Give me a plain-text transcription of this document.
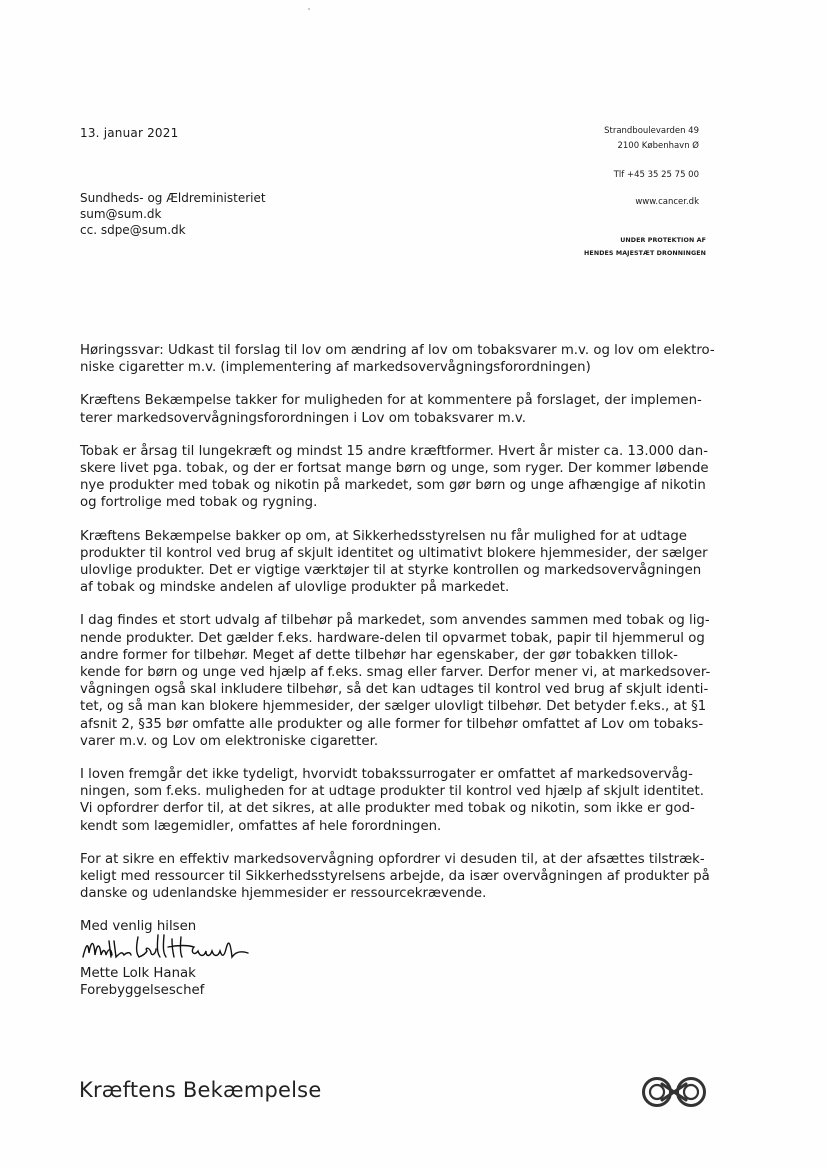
13. januar 2021
Sundheds- og Ældreministeriet
sum@sum.dk
cc. sdpe@sum.dk
Strandboulevarden 49
2100 København Ø
Tlf +45 35 25 75 00
www.cancer.dk
UNDER PROTEKTION AF
HENDES MAJESTÆT DRONNINGEN

Høringssvar: Udkast til forslag til lov om ændring af lov om tobaksvarer m.v. og lov om elektro-
niske cigaretter m.v. (implementering af markedsovervågningsforordningen)

Kræftens Bekæmpelse takker for muligheden for at kommentere på forslaget, der implemen-
terer markedsovervågningsforordningen i Lov om tobaksvarer m.v.

Tobak er årsag til lungekræft og mindst 15 andre kræftformer. Hvert år mister ca. 13.000 dan-
skere livet pga. tobak, og der er fortsat mange børn og unge, som ryger. Der kommer løbende
nye produkter med tobak og nikotin på markedet, som gør børn og unge afhængige af nikotin
og fortrolige med tobak og rygning.

Kræftens Bekæmpelse bakker op om, at Sikkerhedsstyrelsen nu får mulighed for at udtage
produkter til kontrol ved brug af skjult identitet og ultimativt blokere hjemmesider, der sælger
ulovlige produkter. Det er vigtige værktøjer til at styrke kontrollen og markedsovervågningen
af tobak og mindske andelen af ulovlige produkter på markedet.

I dag findes et stort udvalg af tilbehør på markedet, som anvendes sammen med tobak og lig-
nende produkter. Det gælder f.eks. hardware-delen til opvarmet tobak, papir til hjemmerul og
andre former for tilbehør. Meget af dette tilbehør har egenskaber, der gør tobakken tillok-
kende for børn og unge ved hjælp af f.eks. smag eller farver. Derfor mener vi, at markedsover-
vågningen også skal inkludere tilbehør, så det kan udtages til kontrol ved brug af skjult identi-
tet, og så man kan blokere hjemmesider, der sælger ulovligt tilbehør. Det betyder f.eks., at §1
afsnit 2, §35 bør omfatte alle produkter og alle former for tilbehør omfattet af Lov om tobaks-
varer m.v. og Lov om elektroniske cigaretter.

I loven fremgår det ikke tydeligt, hvorvidt tobakssurrogater er omfattet af markedsovervåg-
ningen, som f.eks. muligheden for at udtage produkter til kontrol ved hjælp af skjult identitet.
Vi opfordrer derfor til, at det sikres, at alle produkter med tobak og nikotin, som ikke er god-
kendt som lægemidler, omfattes af hele forordningen.

For at sikre en effektiv markedsovervågning opfordrer vi desuden til, at der afsættes tilstræk-
keligt med ressourcer til Sikkerhedsstyrelsens arbejde, da især overvågningen af produkter på
danske og udenlandske hjemmesider er ressourcekrævende.

Med venlig hilsen

Mette Lolk Hanak
Forebyggelseschef
Kræftens Bekæmpelse
